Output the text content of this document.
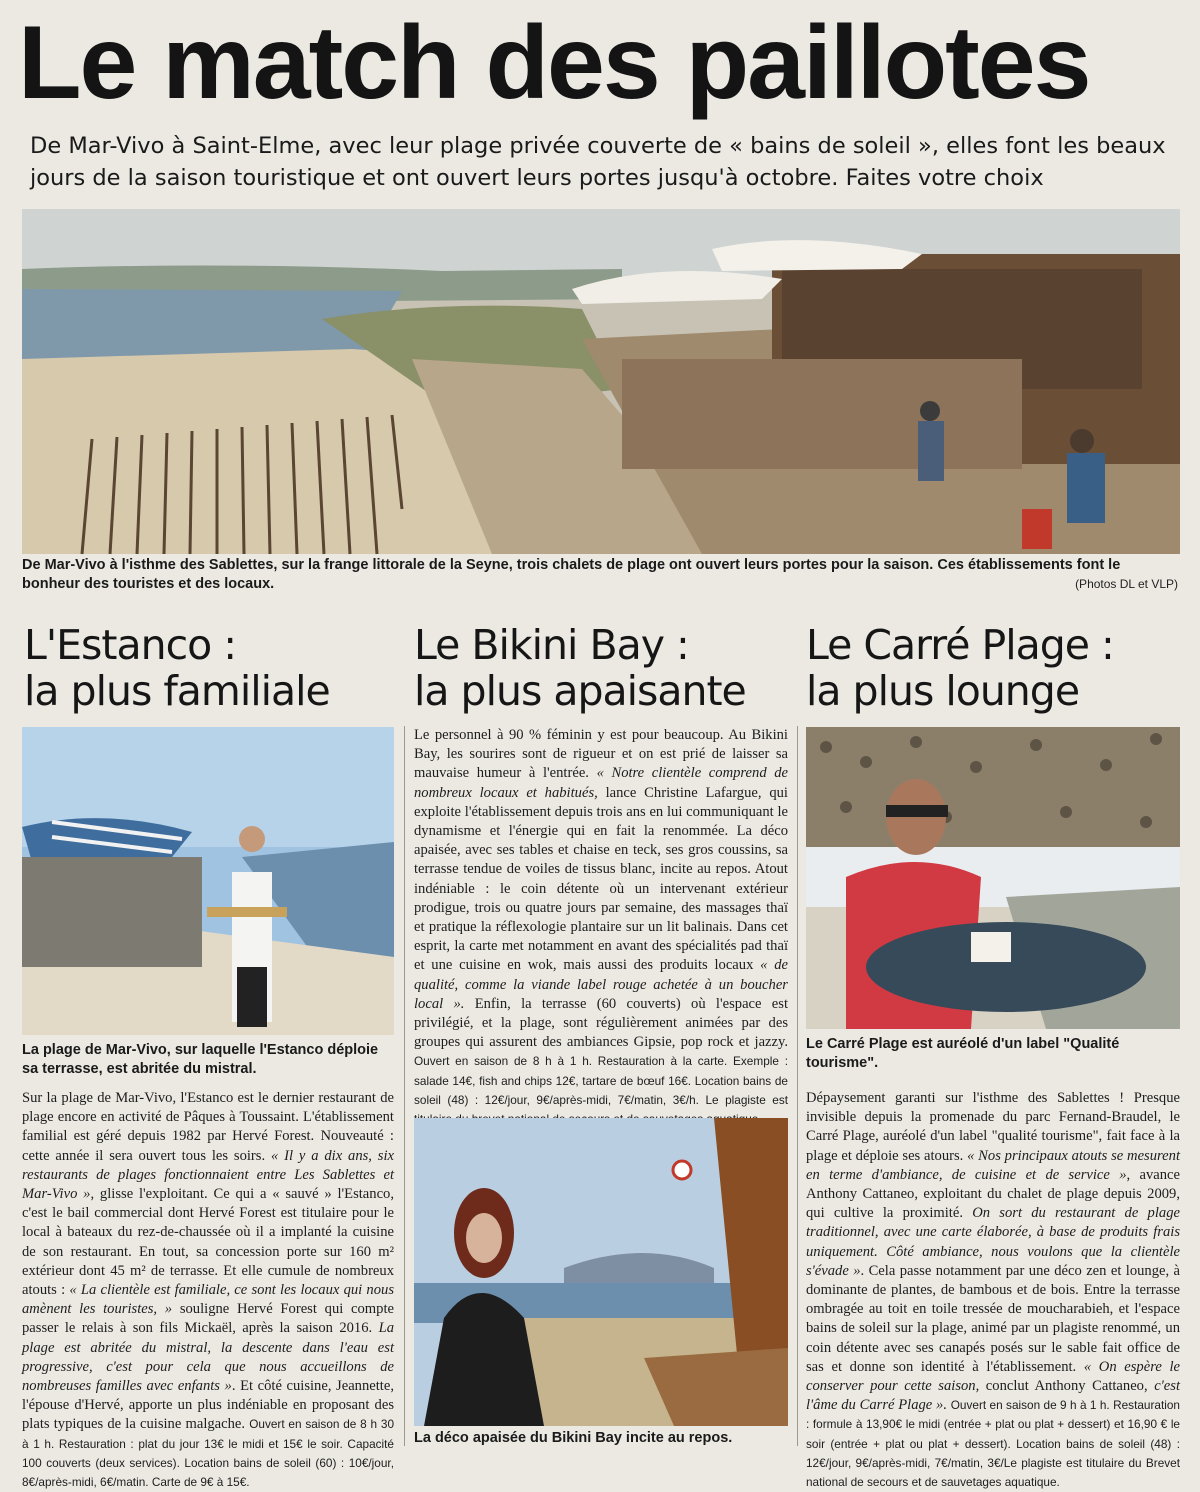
Le match des paillotes
De Mar-Vivo à Saint-Elme, avec leur plage privée couverte de « bains de soleil », elles font les beaux jours de la saison touristique et ont ouvert leurs portes jusqu'à octobre. Faites votre choix
De Mar-Vivo à l'isthme des Sablettes, sur la frange littorale de la Seyne, trois chalets de plage ont ouvert leurs portes pour la saison. Ces établissements font le bonheur des touristes et des locaux.	(Photos DL et VLP)
L'Estanco :
la plus familiale
Le Bikini Bay :
la plus apaisante
Le Carré Plage :
la plus lounge
La plage de Mar-Vivo, sur laquelle l'Estanco déploie sa terrasse, est abritée du mistral.
Sur la plage de Mar-Vivo, l'Estanco est le dernier restaurant de plage encore en activité de Pâques à Toussaint. L'établissement familial est géré depuis 1982 par Hervé Forest. Nouveauté : cette année il sera ouvert tous les soirs. « Il y a dix ans, six restaurants de plages fonctionnaient entre Les Sablettes et Mar-Vivo », glisse l'exploitant. Ce qui a « sauvé » l'Estanco, c'est le bail commercial dont Hervé Forest est titulaire pour le local à bateaux du rez-de-chaussée où il a implanté la cuisine de son restaurant. En tout, sa concession porte sur 160 m² extérieur dont 45 m² de terrasse. Et elle cumule de nombreux atouts : « La clientèle est familiale, ce sont les locaux qui nous amènent les touristes, » souligne Hervé Forest qui compte passer le relais à son fils Mickaël, après la saison 2016. La plage est abritée du mistral, la descente dans l'eau est progressive, c'est pour cela que nous accueillons de nombreuses familles avec enfants ». Et côté cuisine, Jeannette, l'épouse d'Hervé, apporte un plus indéniable en proposant des plats typiques de la cuisine malgache. Ouvert en saison de 8 h 30 à 1 h. Restauration : plat du jour 13€ le midi et 15€ le soir. Capacité 100 couverts (deux services). Location bains de soleil (60) : 10€/jour, 8€/après-midi, 6€/matin. Carte de 9€ à 15€.
Le personnel à 90 % féminin y est pour beaucoup. Au Bikini Bay, les sourires sont de rigueur et on est prié de laisser sa mauvaise humeur à l'entrée. « Notre clientèle comprend de nombreux locaux et habitués, lance Christine Lafargue, qui exploite l'établissement depuis trois ans en lui communiquant le dynamisme et l'énergie qui en fait la renommée. La déco apaisée, avec ses tables et chaise en teck, ses gros coussins, sa terrasse tendue de voiles de tissus blanc, incite au repos. Atout indéniable : le coin détente où un intervenant extérieur prodigue, trois ou quatre jours par semaine, des massages thaï et pratique la réflexologie plantaire sur un lit balinais. Dans cet esprit, la carte met notamment en avant des spécialités pad thaï et une cuisine en wok, mais aussi des produits locaux « de qualité, comme la viande label rouge achetée à un boucher local ». Enfin, la terrasse (60 couverts) où l'espace est privilégié, et la plage, sont régulièrement animées par des groupes qui assurent des ambiances Gipsie, pop rock et jazzy. Ouvert en saison de 8 h à 1 h. Restauration à la carte. Exemple : salade 14€, fish and chips 12€, tartare de bœuf 16€. Location bains de soleil (48) : 12€/jour, 9€/après-midi, 7€/matin, 3€/h. Le plagiste est
La déco apaisée du Bikini Bay incite au repos.
Le Carré Plage est auréolé d'un label "Qualité tourisme".
Dépaysement garanti sur l'isthme des Sablettes ! Presque invisible depuis la promenade du parc Fernand-Braudel, le Carré Plage, auréolé d'un label "qualité tourisme", fait face à la plage et déploie ses atours. « Nos principaux atouts se mesurent en terme d'ambiance, de cuisine et de service », avance Anthony Cattaneo, exploitant du chalet de plage depuis 2009, qui cultive la proximité. On sort du restaurant de plage traditionnel, avec une carte élaborée, à base de produits frais uniquement. Côté ambiance, nous voulons que la clientèle s'évade ». Cela passe notamment par une déco zen et lounge, à dominante de plantes, de bambous et de bois. Entre la terrasse ombragée au toit en toile tressée de moucharabieh, et l'espace bains de soleil sur la plage, animé par un plagiste renommé, un coin détente avec ses canapés posés sur le sable fait office de sas et donne son identité à l'établissement. « On espère le conserver pour cette saison, conclut Anthony Cattaneo, c'est l'âme du Carré Plage ». Ouvert en saison de 9 h à 1 h. Restauration : formule à 13,90€ le midi (entrée + plat ou plat + dessert) et 16,90 € le soir (entrée + plat ou plat + dessert). Location bains de soleil (48) : 12€/jour, 9€/après-midi, 7€/matin, 3€/Le plagiste est titulaire du Brevet national de secours et de sauvetages aquatique.
